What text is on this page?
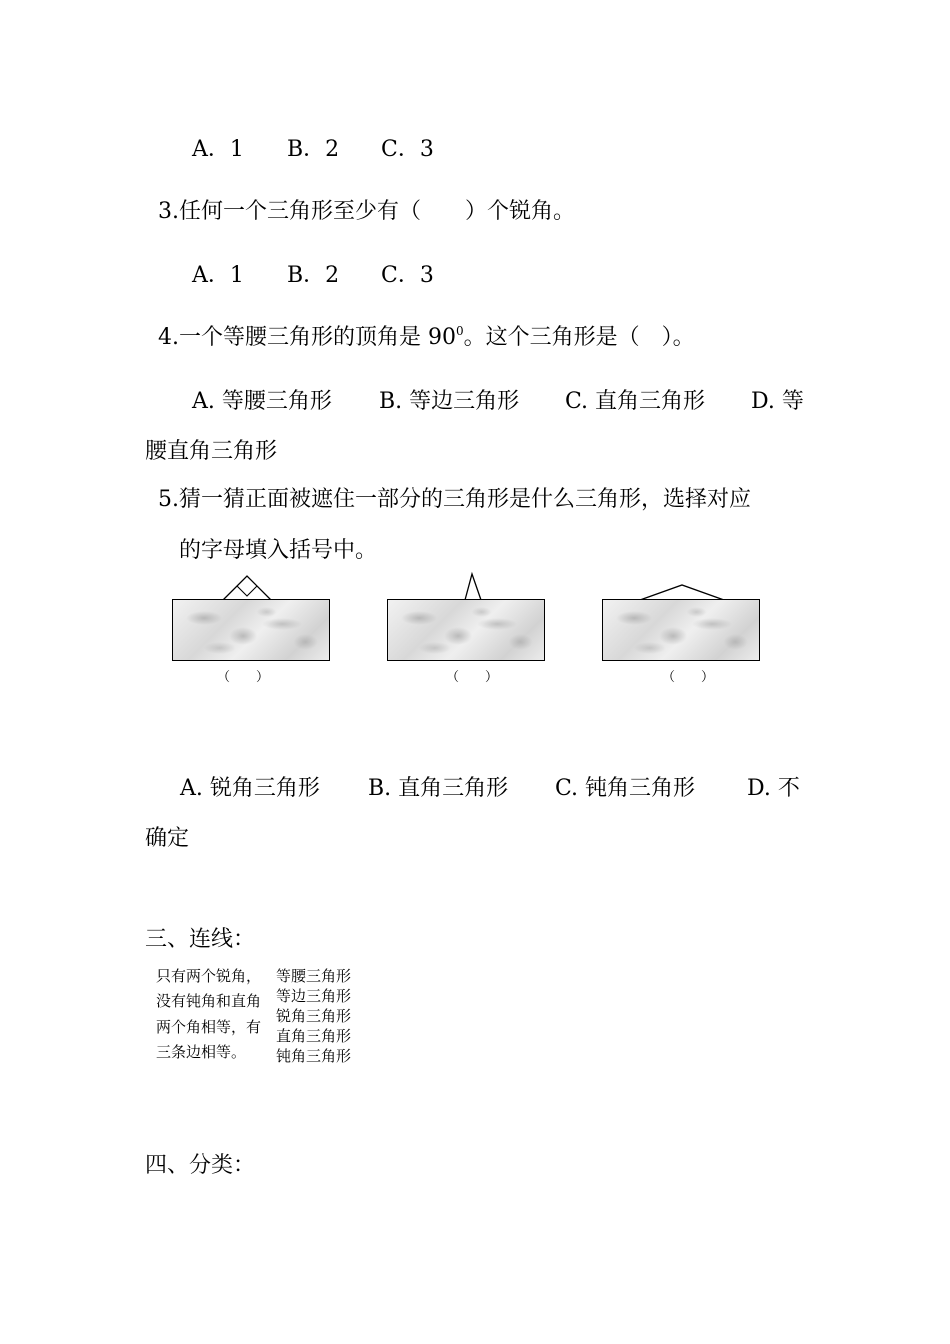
A．1 B．2 C．3
3.任何一个三角形至少有（　　）个锐角。
A．1 B．2 C．3
4.一个等腰三角形的顶角是 $90^0$。这个三角形是（　）。
A. 等腰三角形 B. 等边三角形 C. 直角三角形 D. 等
腰直角三角形
5.猜一猜正面被遮住一部分的三角形是什么三角形，选择对应
的字母填入括号中。
（　　）	（　　）	（　　）
A. 锐角三角形 B. 直角三角形 C. 钝角三角形 D. 不
确定
三、连线：
只有两个锐角，
没有钝角和直角
两个角相等，有
三条边相等。
等腰三角形
等边三角形
锐角三角形
直角三角形
钝角三角形
四、分类：
